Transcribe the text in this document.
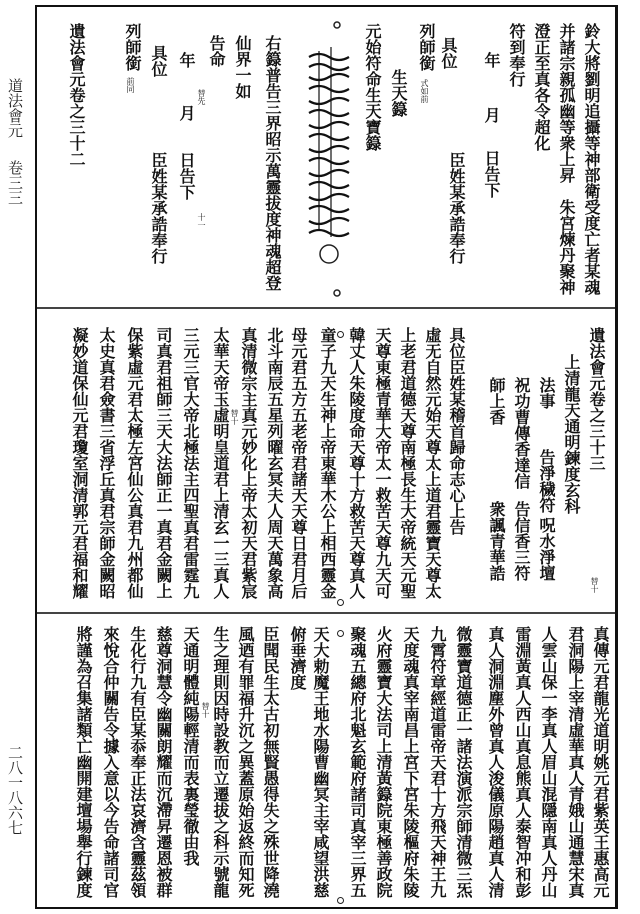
道法會元
卷三三
二八一八六七
鈴大將劉明追攝等神部衛受度亡者某魂
并諸宗親孤幽等衆上昇
朱宮煉丹聚神
澄正至真各令超化
符到奉行
年
月
日告下
具位
臣姓某承誥奉行
列師銜
式如前
生天籙
元始符命生天寶籙
右籙普告三界昭示萬靈拔度神魂超登
仙界一如
告命
年
月
日告下
替先
十一
具位
臣姓某承誥奉行
列師銜
前同
遺法會元卷之三十二
遺法會元卷之三十三
上清龍天通明鍊度玄科
法事
告淨穢符
呪水淨壇
祝功曹傳香達信
告信香三符
師上香
衆諷青華誥
替十
具位臣姓某稽首歸命志心上告
虛无自然元始天尊太上道君靈寶天尊太
上老君道德天尊南極長生大帝統天元聖
天尊東極青華大帝太一救苦天尊九天可
韓丈人朱陵度命天尊十方救苦天尊真人
童子九天生神上帝東華木公上相西靈金
母元君五方五老帝君諸天天尊日君月后
北斗南辰五星列曜玄冥夫人周天萬象高
真清微宗主真元妙化上帝太初天君紫宸
太華天帝玉虛明皇道君上清玄一三真人
三元三官大帝北極法主四聖真君雷霆九
司真君祖師三天大法師正一真君金闕上
保紫虛元君太極左宮仙公真君九州都仙
太史真君僉書三省浮丘真君宗師金闕昭
凝妙道保仙元君瓊室洞清郭元君福和耀	替十
真傳元君龍光道明姚元君紫英王惠高元
君洞陽上宰清虛華真人青娥山通慧宋真
人雲山保一李真人眉山混隱南真人丹山
雷淵黃真人西山真息熊真人泰智冲和彭
真人洞淵塵外曾真人浚儀原陽趙真人清
微靈寶道德正一諸法演派宗師清微三炁
九霄符章經道雷帝天君十方飛天神王九
天度魂真宰南昌上宮下宮朱陵樞府朱陵
火府靈寶大法司上清黃籙院東極善政院
聚魂五總府北魁玄範府諸司真宰三界五
天大勅魔王地水陽曹幽冥主宰咸望洪慈
俯垂濟度
臣聞民生太古初無賢愚得失之殊世降澆
風迺有罪福升沉之異蓋原始返終而知死
生之理則因時設教而立遷拔之科示號龍
天通明體純陽輕清而表裏瑩徹由我
慈尊洞慧令幽關朗耀而沉滯昇遷恩被群
生化行九有臣某忝奉正法哀濟含靈茲領
來悅合仲關告令據入意以今告命諸司官
將謹為召集諸類亡幽開建壇場舉行鍊度	替十
